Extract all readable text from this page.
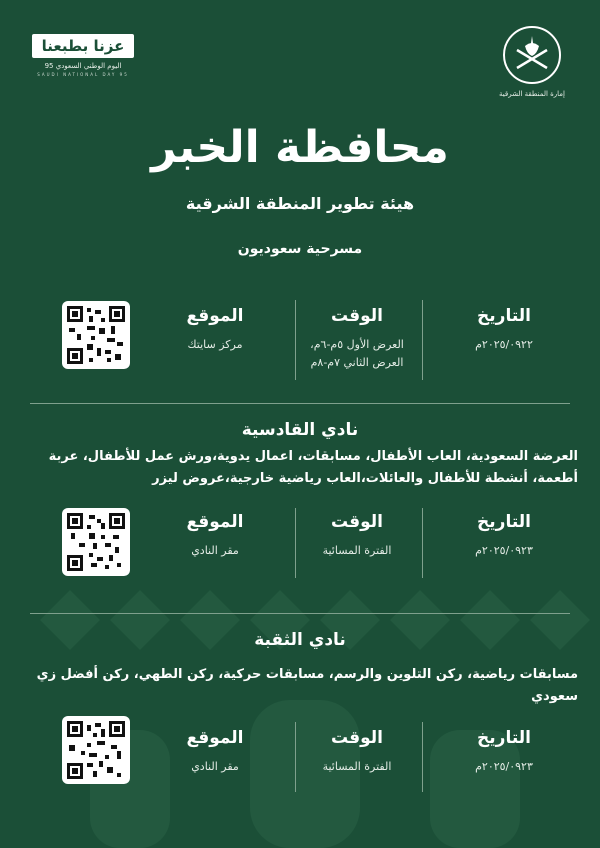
عزنا بطبعنا
اليوم الوطني السعودي 95
SAUDI NATIONAL DAY 95
إمارة المنطقة الشرقية
محافظة الخبر
هيئة تطوير المنطقة الشرقية
مسرحية سعوديون
التاريخ
٢٠٢٥/٠٩٢٢م
الوقت
العرض الأول ٥م-٦م، العرض الثاني ٧م-٨م
الموقع
مركز سايتك
نادي القادسية
العرضة السعودية، العاب الأطفال، مسابقات، اعمال يدوية،ورش عمل للأطفال، عربة أطعمة، أنشطة للأطفال والعائلات،العاب رياضية خارجية،عروض ليزر
التاريخ
٢٠٢٥/٠٩٢٣م
الوقت
الفترة المسائية
الموقع
مقر النادي
نادي الثقبة
مسابقات رياضية، ركن التلوين والرسم، مسابقات حركية، ركن الطهي، ركن أفضل زي سعودي
التاريخ
٢٠٢٥/٠٩٢٣م
الوقت
الفترة المسائية
الموقع
مقر النادي
